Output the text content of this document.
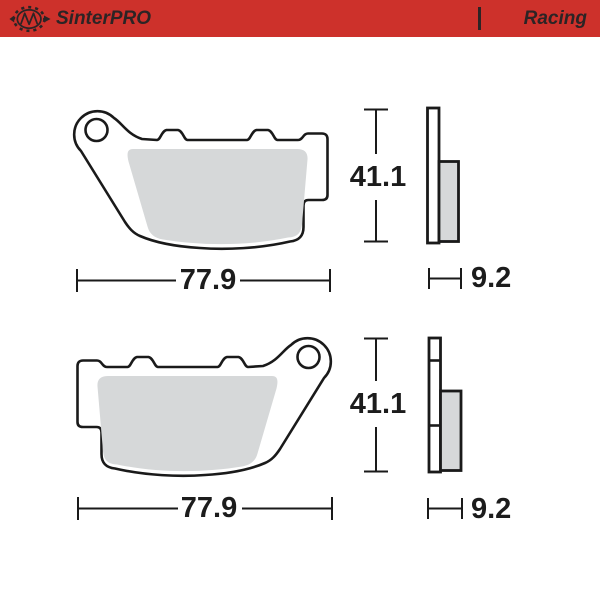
77.9
41.1
9.2
77.9
41.1
9.2
SinterPRO	Racing
